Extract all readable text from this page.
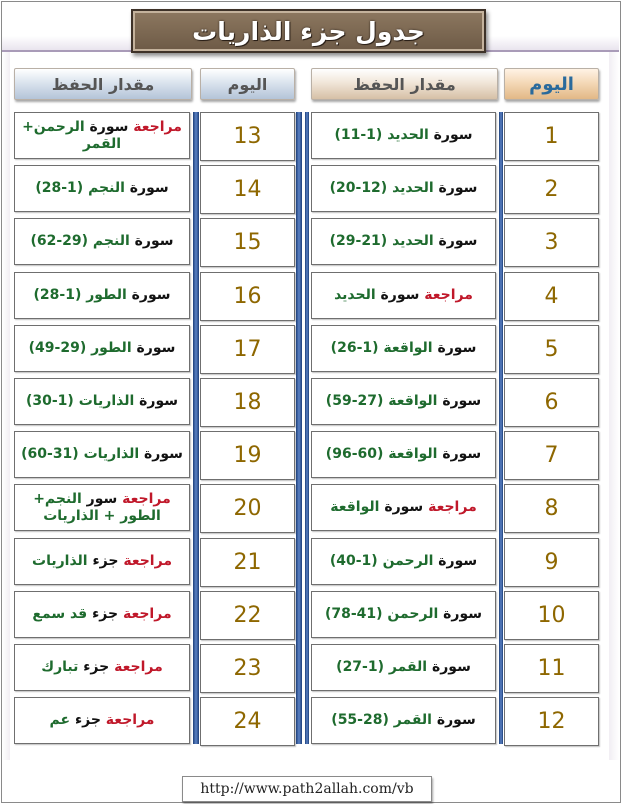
جدول جزء الذاريات
مقدار الحفظ	اليوم	مقدار الحفظ	اليوم
مراجعة سورة الرحمن+ القمر	13
سورة النجم (1-28)	14
سورة النجم (29-62)	15
سورة الطور (1-28)	16
سورة الطور (29-49)	17
سورة الذاريات (1-30)	18
سورة الذاريات (31-60)	19
مراجعة سور النجم+ الطور + الذاريات	20
مراجعة جزء الذاريات	21
مراجعة جزء قد سمع	22
مراجعة جزء تبارك	23
مراجعة جزء عم	24
سورة الحديد (1-11)	1
سورة الحديد (12-20)	2
سورة الحديد (21-29)	3
مراجعة سورة الحديد	4
سورة الواقعة (1-26)	5
سورة الواقعة (27-59)	6
سورة الواقعة (60-96)	7
مراجعة سورة الواقعة	8
سورة الرحمن (1-40)	9
سورة الرحمن (41-78)	10
سورة القمر (1-27)	11
سورة القمر (28-55)	12
http://www.path2allah.com/vb
